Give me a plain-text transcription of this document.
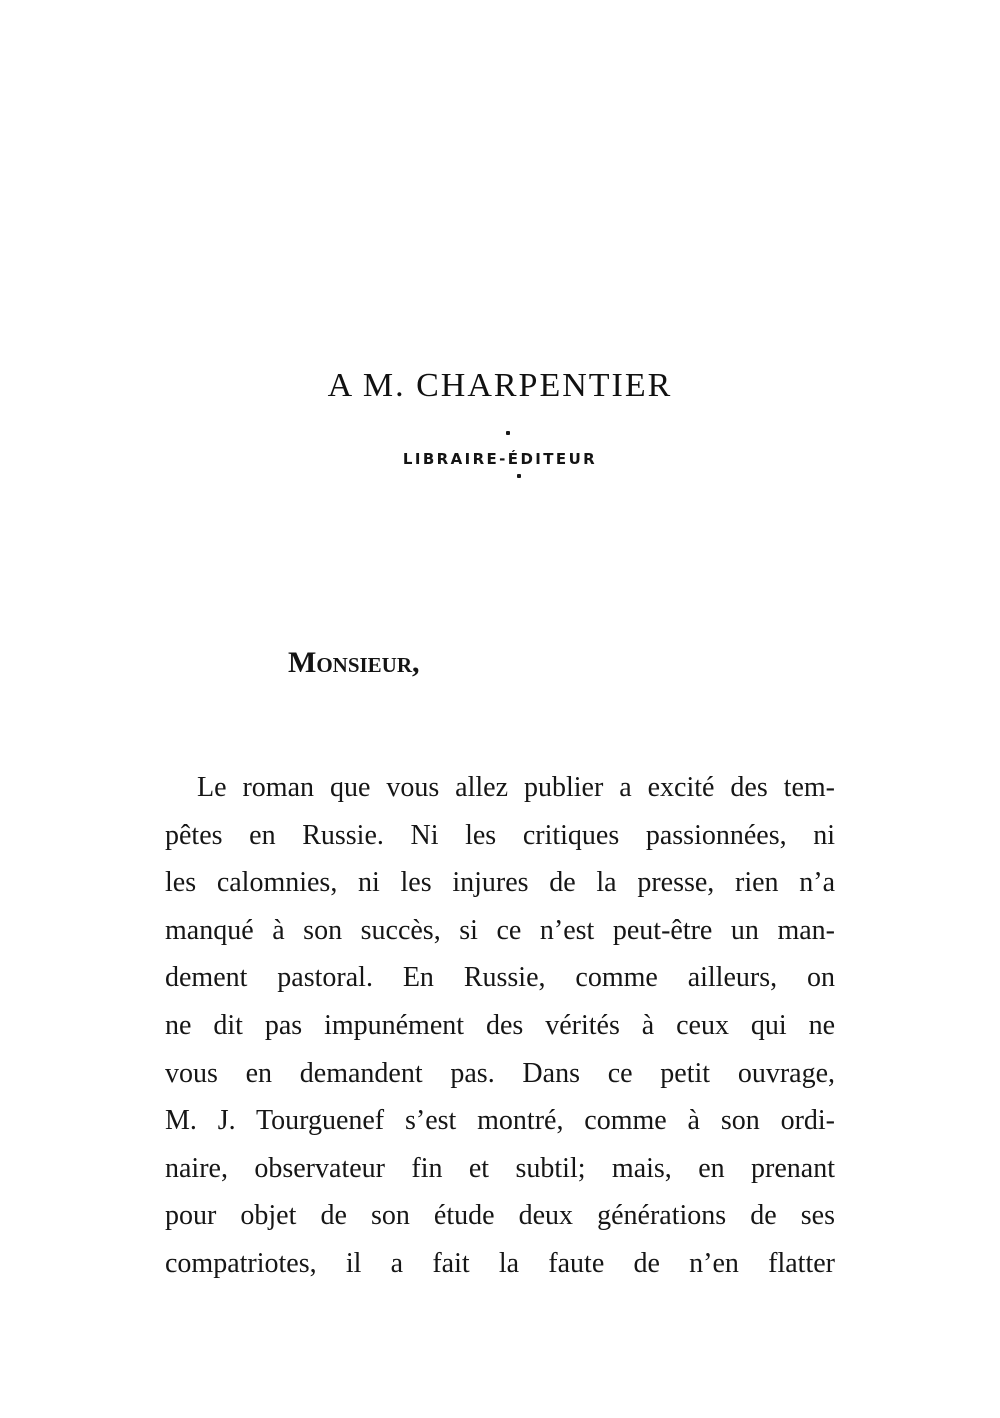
A M. CHARPENTIER
LIBRAIRE-ÉDITEUR
Monsieur,
Le roman que vous allez publier a excité des tem-
pêtes en Russie. Ni les critiques passionnées, ni
les calomnies, ni les injures de la presse, rien n’a
manqué à son succès, si ce n’est peut-être un man-
dement pastoral. En Russie, comme ailleurs, on
ne dit pas impunément des vérités à ceux qui ne
vous en demandent pas. Dans ce petit ouvrage,
M. J. Tourguenef s’est montré, comme à son ordi-
naire, observateur fin et subtil; mais, en prenant
pour objet de son étude deux générations de ses
compatriotes, il a fait la faute de n’en flatter
